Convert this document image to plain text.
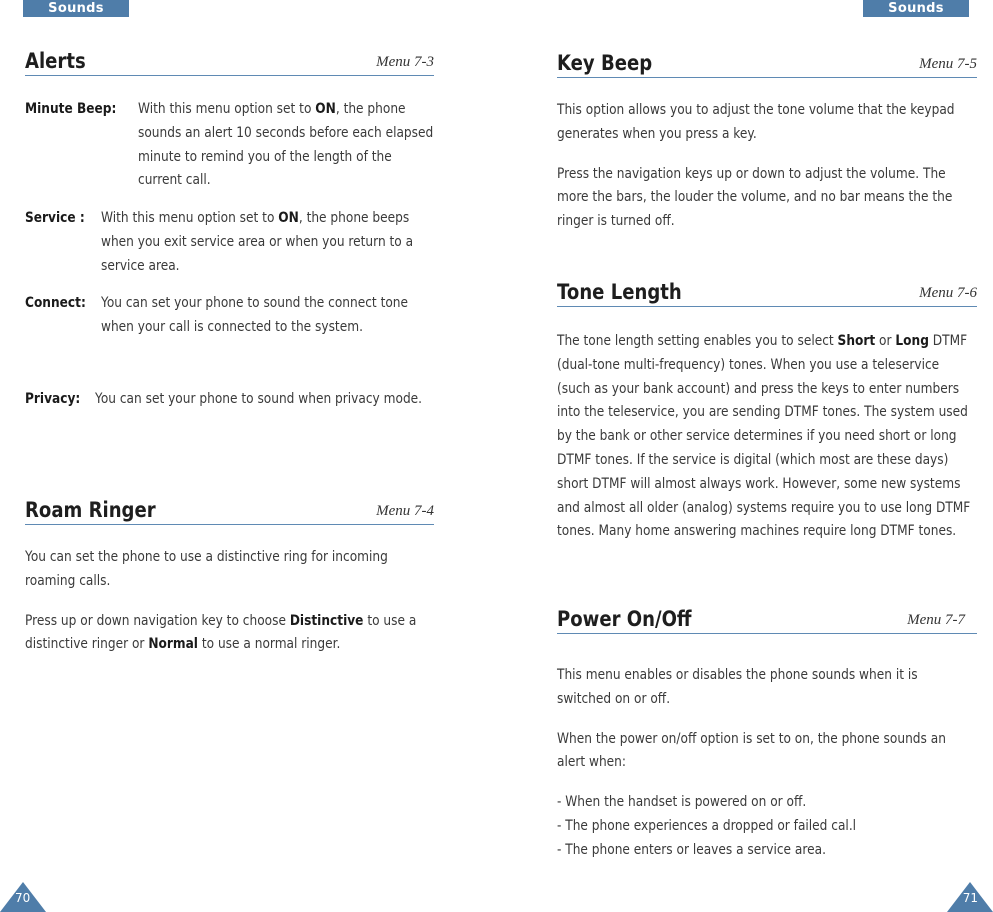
Sounds
Alerts	Menu 7-3
Minute Beep: With this menu option set to ON, the phone sounds an alert 10 seconds before each elapsed minute to remind you of the length of the current call.
Service : With this menu option set to ON, the phone beeps when you exit service area or when you return to a service area.
Connect: You can set your phone to sound the connect tone when your call is connected to the system.
Privacy: You can set your phone to sound when privacy mode.
Roam Ringer	Menu 7-4

You can set the phone to use a distinctive ring for incoming roaming calls.

Press up or down navigation key to choose Distinctive to use a distinctive ringer or Normal to use a normal ringer.

70
Sounds
Key Beep	Menu 7-5

This option allows you to adjust the tone volume that the keypad generates when you press a key.

Press the navigation keys up or down to adjust the volume. The more the bars, the louder the volume, and no bar means the the ringer is turned off.

Tone Length	Menu 7-6

The tone length setting enables you to select Short or Long DTMF (dual-tone multi-frequency) tones. When you use a teleservice (such as your bank account) and press the keys to enter numbers into the teleservice, you are sending DTMF tones. The system used by the bank or other service determines if you need short or long DTMF tones. If the service is digital (which most are these days) short DTMF will almost always work. However, some new systems and almost all older (analog) systems require you to use long DTMF tones. Many home answering machines require long DTMF tones.

Power On/Off	Menu 7-7

This menu enables or disables the phone sounds when it is switched on or off.

When the power on/off option is set to on, the phone sounds an alert when:

- When the handset is powered on or off.

- The phone experiences a dropped or failed cal.l

- The phone enters or leaves a service area.

71
